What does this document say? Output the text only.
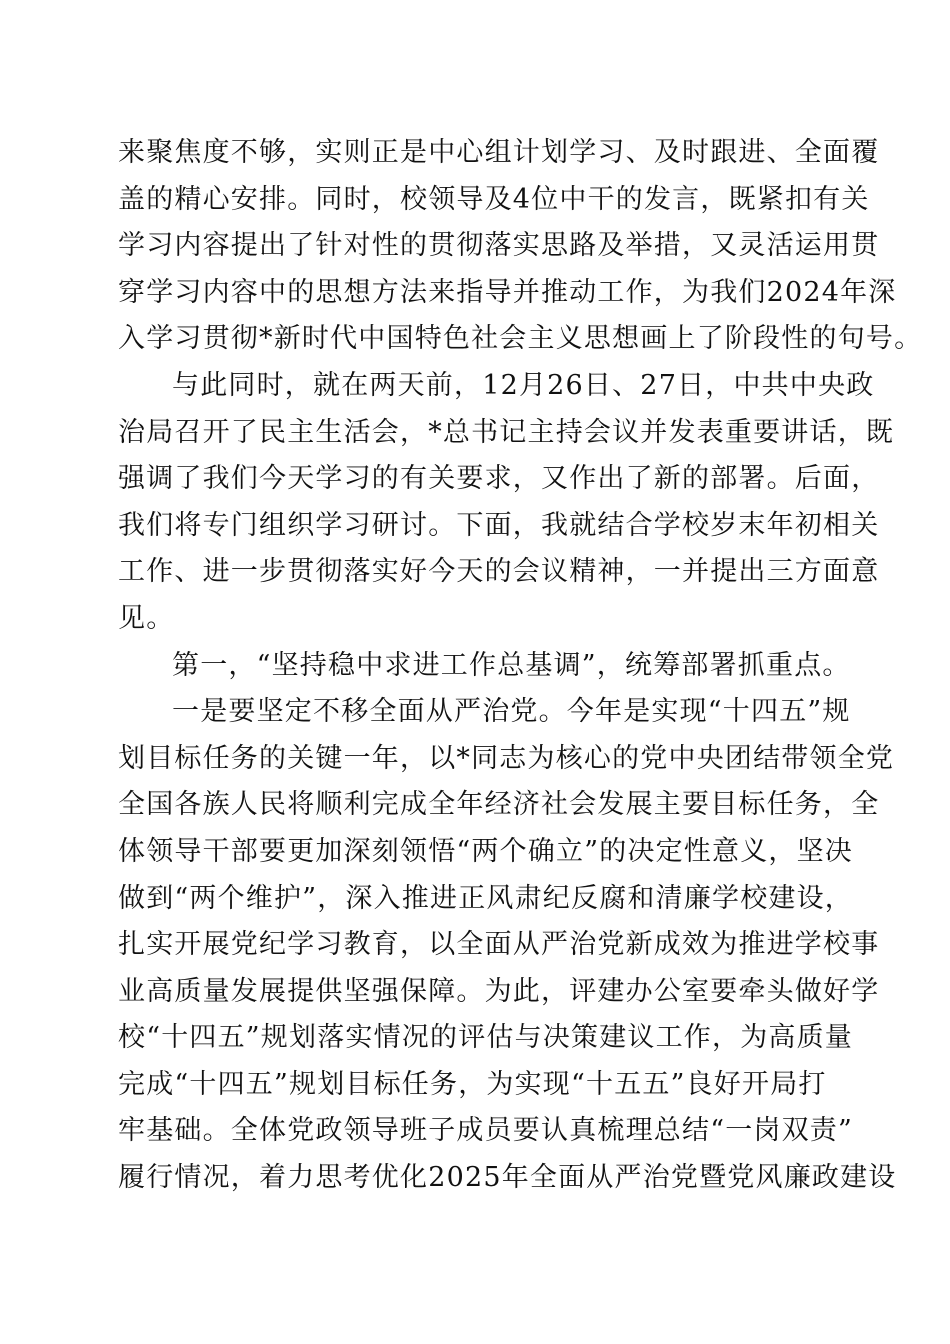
来聚焦度不够，实则正是中心组计划学习、及时跟进、全面覆
盖的精心安排。同时，校领导及4位中干的发言，既紧扣有关
学习内容提出了针对性的贯彻落实思路及举措，又灵活运用贯
穿学习内容中的思想方法来指导并推动工作，为我们2024年深
入学习贯彻*新时代中国特色社会主义思想画上了阶段性的句号。
与此同时，就在两天前，12月26日、27日，中共中央政
治局召开了民主生活会，*总书记主持会议并发表重要讲话，既
强调了我们今天学习的有关要求，又作出了新的部署。后面，
我们将专门组织学习研讨。下面，我就结合学校岁末年初相关
工作、进一步贯彻落实好今天的会议精神，一并提出三方面意
见。
第一，“坚持稳中求进工作总基调”，统筹部署抓重点。
一是要坚定不移全面从严治党。今年是实现“十四五”规
划目标任务的关键一年，以*同志为核心的党中央团结带领全党
全国各族人民将顺利完成全年经济社会发展主要目标任务，全
体领导干部要更加深刻领悟“两个确立”的决定性意义，坚决
做到“两个维护”，深入推进正风肃纪反腐和清廉学校建设，
扎实开展党纪学习教育，以全面从严治党新成效为推进学校事
业高质量发展提供坚强保障。为此，评建办公室要牵头做好学
校“十四五”规划落实情况的评估与决策建议工作，为高质量
完成“十四五”规划目标任务，为实现“十五五”良好开局打
牢基础。全体党政领导班子成员要认真梳理总结“一岗双责”
履行情况，着力思考优化2025年全面从严治党暨党风廉政建设
